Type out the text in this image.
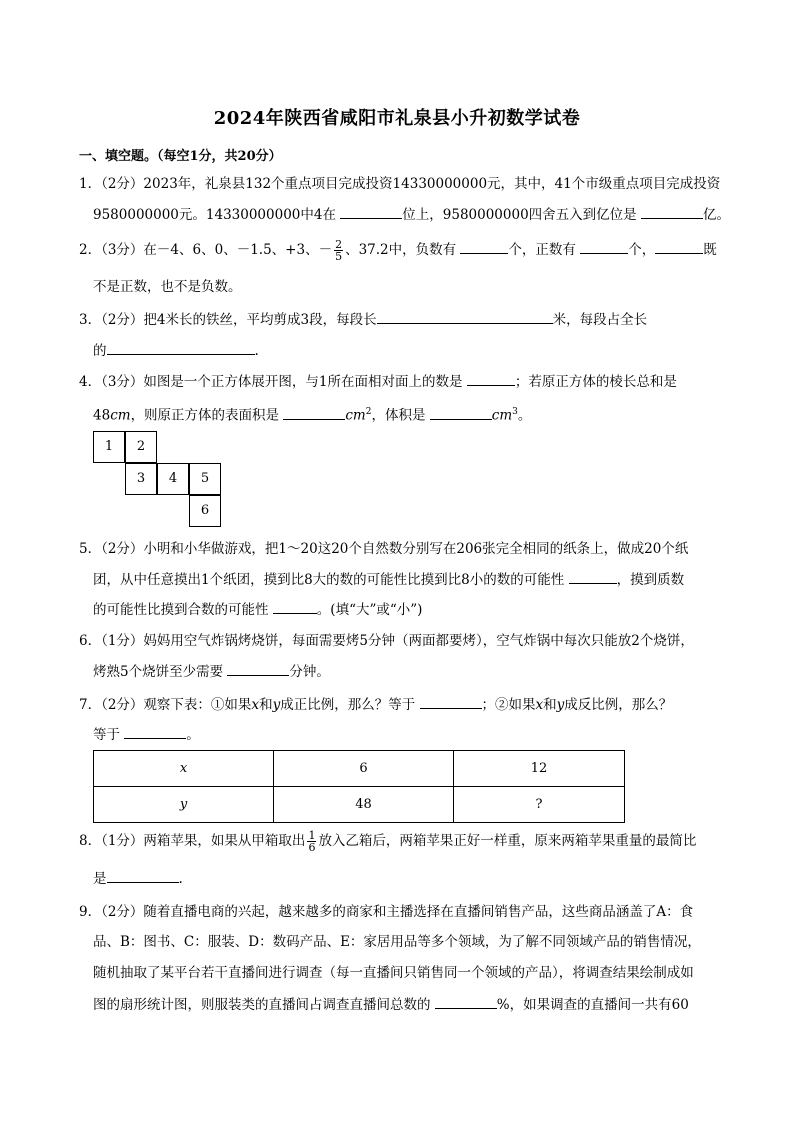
2024年陕西省咸阳市礼泉县小升初数学试卷
一、填空题。（每空1分，共20分）
1．（2分）2023年，礼泉县132个重点项目完成投资14330000000元，其中，41个市级重点项目完成投资
9580000000元。14330000000中4在	位上，9580000000四舍五入到亿位是	亿。
2．（3分）在－4、6、0、－1.5、+3、－ $\frac{2}{5}$ 、37.2中，负数有	个，正数有	个，	既
不是正数，也不是负数。
3．（2分）把4米长的铁丝，平均剪成3段，每段长	米，每段占全长
的	.
4．（3分）如图是一个正方体展开图，与1所在面相对面上的数是	；若原正方体的棱长总和是
48cm，则原正方体的表面积是	$cm^2$，体积是	$cm^3$。
1	2
3	4	5
6
5．（2分）小明和小华做游戏，把1～20这20个自然数分别写在206张完全相同的纸条上，做成20个纸
团，从中任意摸出1个纸团，摸到比8大的数的可能性比摸到比8小的数的可能性	，摸到质数
的可能性比摸到合数的可能性	。(填“大”或“小”)
6．（1分）妈妈用空气炸锅烤烧饼，每面需要烤5分钟（两面都要烤），空气炸锅中每次只能放2个烧饼，
烤熟5个烧饼至少需要	分钟。
7．（2分）观察下表：①如果x和y成正比例，那么？等于	；②如果x和y成反比例，那么？
等于	。
x	6	12
y	48	?
8．（1分）两箱苹果，如果从甲箱取出 $\frac{1}{6}$ 放入乙箱后，两箱苹果正好一样重，原来两箱苹果重量的最简比
是	.
9．（2分）随着直播电商的兴起，越来越多的商家和主播选择在直播间销售产品，这些商品涵盖了A：食
品、B：图书、C：服装、D：数码产品、E：家居用品等多个领域，为了解不同领域产品的销售情况，
随机抽取了某平台若干直播间进行调查（每一直播间只销售同一个领域的产品），将调查结果绘制成如
图的扇形统计图，则服装类的直播间占调查直播间总数的	%，如果调查的直播间一共有60
